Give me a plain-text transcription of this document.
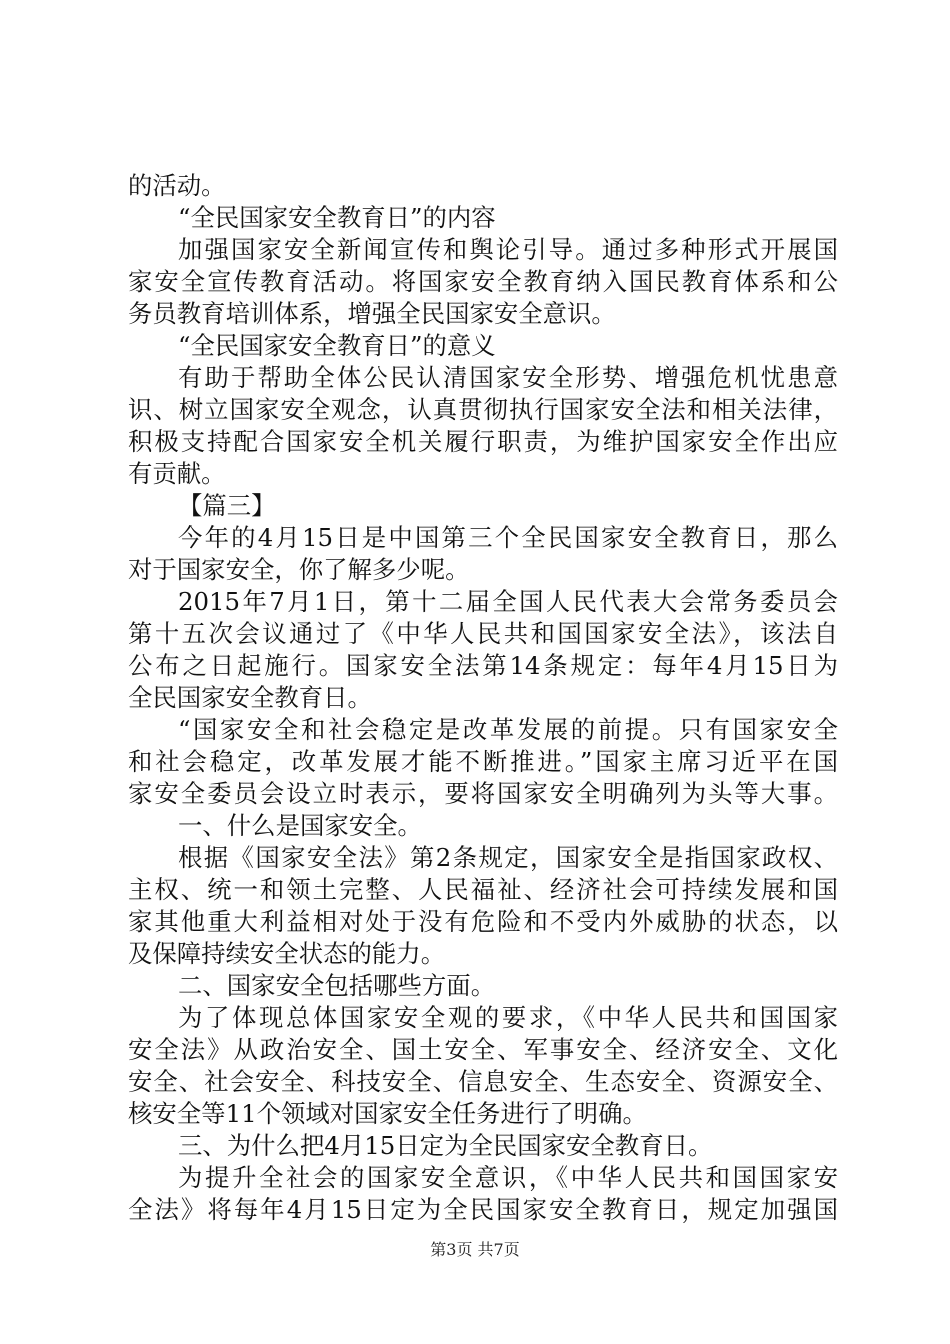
的活动。
“全民国家安全教育日”的内容
加强国家安全新闻宣传和舆论引导。通过多种形式开展国
家安全宣传教育活动。将国家安全教育纳入国民教育体系和公
务员教育培训体系，增强全民国家安全意识。
“全民国家安全教育日”的意义
有助于帮助全体公民认清国家安全形势、增强危机忧患意
识、树立国家安全观念，认真贯彻执行国家安全法和相关法律，
积极支持配合国家安全机关履行职责，为维护国家安全作出应
有贡献。
【篇三】
今年的4月15日是中国第三个全民国家安全教育日，那么
对于国家安全，你了解多少呢。
2015年7月1日，第十二届全国人民代表大会常务委员会
第十五次会议通过了《中华人民共和国国家安全法》，该法自
公布之日起施行。国家安全法第14条规定：每年4月15日为
全民国家安全教育日。
“国家安全和社会稳定是改革发展的前提。只有国家安全
和社会稳定，改革发展才能不断推进。”国家主席习近平在国
家安全委员会设立时表示，要将国家安全明确列为头等大事。
一、什么是国家安全。
根据《国家安全法》第2条规定，国家安全是指国家政权、
主权、统一和领土完整、人民福祉、经济社会可持续发展和国
家其他重大利益相对处于没有危险和不受内外威胁的状态，以
及保障持续安全状态的能力。
二、国家安全包括哪些方面。
为了体现总体国家安全观的要求，《中华人民共和国国家
安全法》从政治安全、国土安全、军事安全、经济安全、文化
安全、社会安全、科技安全、信息安全、生态安全、资源安全、
核安全等11个领域对国家安全任务进行了明确。
三、为什么把4月15日定为全民国家安全教育日。
为提升全社会的国家安全意识，《中华人民共和国国家安
全法》将每年4月15日定为全民国家安全教育日，规定加强国
第3页 共7页
